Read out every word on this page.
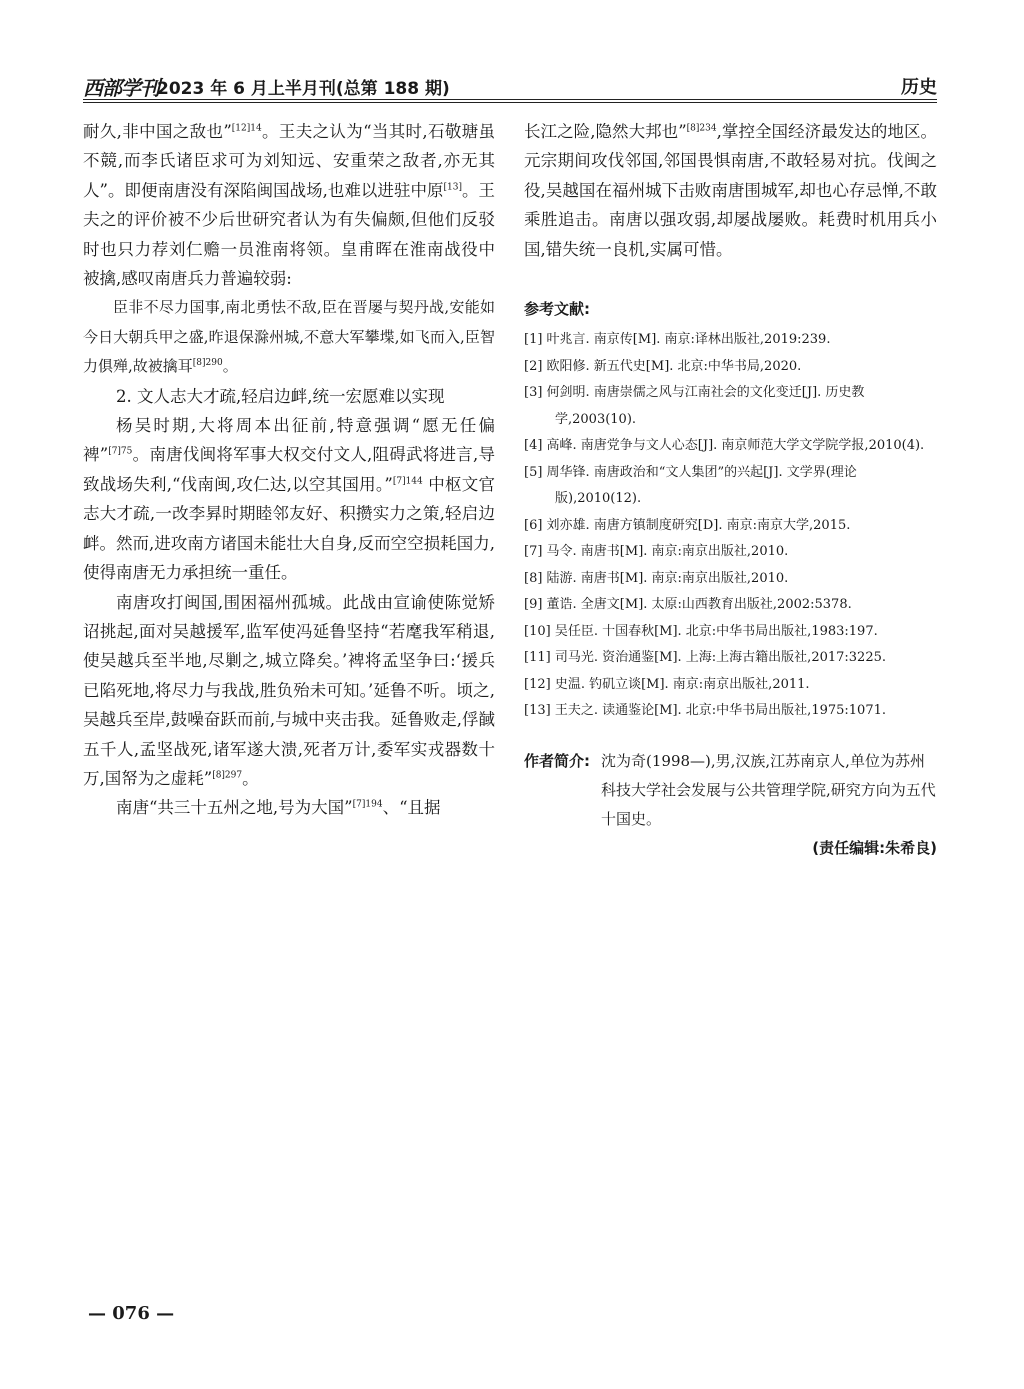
西部学刊
2023 年 6 月上半月刊(总第 188 期)	历史

耐久,非中国之敌也”$^{[12]14}$。王夫之认为“当其时,石敬瑭虽不競,而李氏诸臣求可为刘知远、安重荣之敌者,亦无其人”。即便南唐没有深陷闽国战场,也难以进驻中原[13]。王夫之的评价被不少后世研究者认为有失偏颇,但他们反驳时也只力荐刘仁赡一员淮南将领。皇甫晖在淮南战役中被擒,感叹南唐兵力普遍较弱:

臣非不尽力国事,南北勇怯不敌,臣在晋屡与契丹战,安能如今日大朝兵甲之盛,昨退保滁州城,不意大军攀堞,如飞而入,臣智力俱殚,故被擒耳$^{[8]290}$。

2. 文人志大才疏,轻启边衅,统一宏愿难以实现

杨吴时期,大将周本出征前,特意强调“愿无任偏裨”$^{[7]75}$。南唐伐闽将军事大权交付文人,阻碍武将进言,导致战场失利,“伐南闽,攻仁达,以空其国用。”$^{[7]144}$ 中枢文官志大才疏,一改李昪时期睦邻友好、积攒实力之策,轻启边衅。然而,进攻南方诸国未能壮大自身,反而空空损耗国力,使得南唐无力承担统一重任。

南唐攻打闽国,围困福州孤城。此战由宣谕使陈觉矫诏挑起,面对吴越援军,监军使冯延鲁坚持“若麾我军稍退,使吴越兵至半地,尽剿之,城立降矣。’裨将孟坚争曰:‘援兵已陷死地,将尽力与我战,胜负殆未可知。’延鲁不听。顷之,吴越兵至岸,鼓噪奋跃而前,与城中夹击我。延鲁败走,俘馘五千人,孟坚战死,诸军遂大溃,死者万计,委军实戎器数十万,国帑为之虚耗”$^{[8]297}$。

南唐“共三十五州之地,号为大国”$^{[7]194}$、“且据

长江之险,隐然大邦也”$^{[8]234}$,掌控全国经济最发达的地区。元宗期间攻伐邻国,邻国畏惧南唐,不敢轻易对抗。伐闽之役,吴越国在福州城下击败南唐围城军,却也心存忌惮,不敢乘胜追击。南唐以强攻弱,却屡战屡败。耗费时机用兵小国,错失统一良机,实属可惜。

参考文献:

[1] 叶兆言. 南京传[M]. 南京:译林出版社,2019:239.

[2] 欧阳修. 新五代史[M]. 北京:中华书局,2020.

[3] 何剑明. 南唐崇儒之风与江南社会的文化变迁[J]. 历史教学,2003(10).

[4] 高峰. 南唐党争与文人心态[J]. 南京师范大学文学院学报,2010(4).

[5] 周华锋. 南唐政治和“文人集团”的兴起[J]. 文学界(理论版),2010(12).

[6] 刘亦雄. 南唐方镇制度研究[D]. 南京:南京大学,2015.

[7] 马令. 南唐书[M]. 南京:南京出版社,2010.

[8] 陆游. 南唐书[M]. 南京:南京出版社,2010.

[9] 董诰. 全唐文[M]. 太原:山西教育出版社,2002:5378.

[10] 吴任臣. 十国春秋[M]. 北京:中华书局出版社,1983:197.

[11] 司马光. 资治通鉴[M]. 上海:上海古籍出版社,2017:3225.

[12] 史温. 钓矶立谈[M]. 南京:南京出版社,2011.

[13] 王夫之. 读通鉴论[M]. 北京:中华书局出版社,1975:1071.

作者简介: 沈为奇(1998—),男,汉族,江苏南京人,单位为苏州科技大学社会发展与公共管理学院,研究方向为五代十国史。
(责任编辑:朱希良)
— 076 —
